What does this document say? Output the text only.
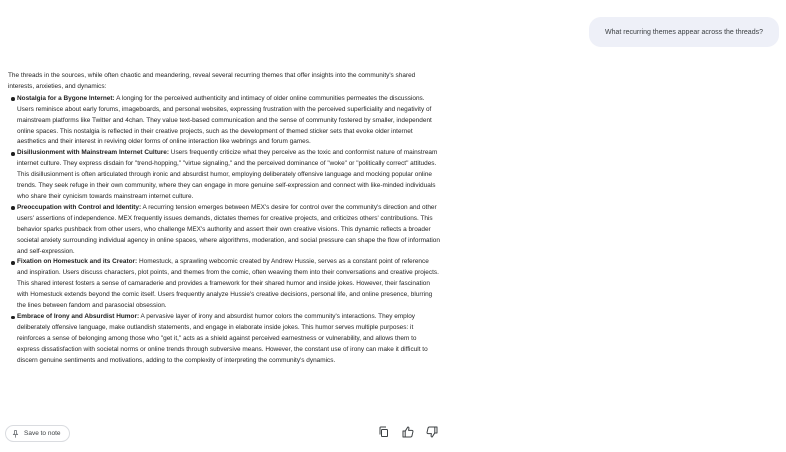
What recurring themes appear across the threads?

The threads in the sources, while often chaotic and meandering, reveal several recurring themes that offer insights into the community's shared interests, anxieties, and dynamics:

Nostalgia for a Bygone Internet: A longing for the perceived authenticity and intimacy of older online communities permeates the discussions. Users reminisce about early forums, imageboards, and personal websites, expressing frustration with the perceived superficiality and negativity of mainstream platforms like Twitter and 4chan. They value text-based communication and the sense of community fostered by smaller, independent online spaces. This nostalgia is reflected in their creative projects, such as the development of themed sticker sets that evoke older internet aesthetics and their interest in reviving older forms of online interaction like webrings and forum games.
Disillusionment with Mainstream Internet Culture: Users frequently criticize what they perceive as the toxic and conformist nature of mainstream internet culture. They express disdain for "trend-hopping," "virtue signaling," and the perceived dominance of "woke" or "politically correct" attitudes. This disillusionment is often articulated through ironic and absurdist humor, employing deliberately offensive language and mocking popular online trends. They seek refuge in their own community, where they can engage in more genuine self-expression and connect with like-minded individuals who share their cynicism towards mainstream internet culture.
Preoccupation with Control and Identity: A recurring tension emerges between MEX's desire for control over the community's direction and other users' assertions of independence. MEX frequently issues demands, dictates themes for creative projects, and criticizes others' contributions. This behavior sparks pushback from other users, who challenge MEX's authority and assert their own creative visions. This dynamic reflects a broader societal anxiety surrounding individual agency in online spaces, where algorithms, moderation, and social pressure can shape the flow of information and self-expression.
Fixation on Homestuck and its Creator: Homestuck, a sprawling webcomic created by Andrew Hussie, serves as a constant point of reference and inspiration. Users discuss characters, plot points, and themes from the comic, often weaving them into their conversations and creative projects. This shared interest fosters a sense of camaraderie and provides a framework for their shared humor and inside jokes. However, their fascination with Homestuck extends beyond the comic itself. Users frequently analyze Hussie's creative decisions, personal life, and online presence, blurring the lines between fandom and parasocial obsession.
Embrace of Irony and Absurdist Humor: A pervasive layer of irony and absurdist humor colors the community's interactions. They employ deliberately offensive language, make outlandish statements, and engage in elaborate inside jokes. This humor serves multiple purposes: it reinforces a sense of belonging among those who "get it," acts as a shield against perceived earnestness or vulnerability, and allows them to express dissatisfaction with societal norms or online trends through subversive means. However, the constant use of irony can make it difficult to discern genuine sentiments and motivations, adding to the complexity of interpreting the community's dynamics.
Save to note
